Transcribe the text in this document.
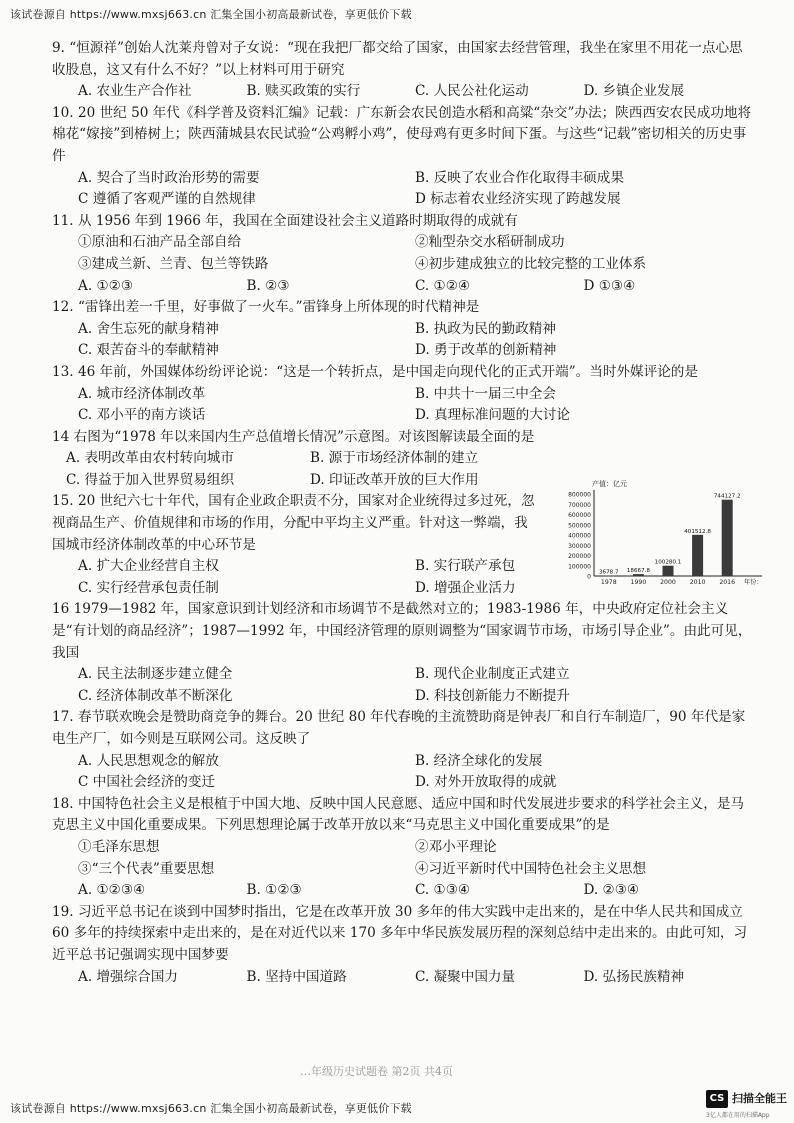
该试卷源自 https://www.mxsj663.cn 汇集全国小初高最新试卷，享更低价下载

9. “恒源祥”创始人沈莱舟曾对子女说：“现在我把厂都交给了国家，由国家去经营管理，我坐在家里不用花一点心思收股息，这又有什么不好？”以上材料可用于研究

A. 农业生产合作社	B. 赎买政策的实行	C. 人民公社化运动	D. 乡镇企业发展

10. 20 世纪 50 年代《科学普及资料汇编》记载：广东新会农民创造水稻和高粱“杂交”办法；陕西西安农民成功地将棉花“嫁接”到椿树上；陕西蒲城县农民试验“公鸡孵小鸡”，使母鸡有更多时间下蛋。与这些“记载”密切相关的历史事件

A. 契合了当时政治形势的需要	B. 反映了农业合作化取得丰硕成果
C 遵循了客观严谨的自然规律	D 标志着农业经济实现了跨越发展

11. 从 1956 年到 1966 年，我国在全面建设社会主义道路时期取得的成就有

①原油和石油产品全部自给	②籼型杂交水稻研制成功
③建成兰新、兰青、包兰等铁路	④初步建成独立的比较完整的工业体系
A. ①②③	B. ②③	C. ①②④	D ①③④

12. “雷锋出差一千里，好事做了一火车。”雷锋身上所体现的时代精神是

A. 舍生忘死的献身精神	B. 执政为民的勤政精神
C. 艰苦奋斗的奉献精神	D. 勇于改革的创新精神

13. 46 年前，外国媒体纷纷评论说：“这是一个转折点，是中国走向现代化的正式开端”。当时外媒评论的是

A. 城市经济体制改革	B. 中共十一届三中全会
C. 邓小平的南方谈话	D. 真理标准问题的大讨论

14 右图为“1978 年以来国内生产总值增长情况”示意图。对该图解读最全面的是

A. 表明改革由农村转向城市	B. 源于市场经济体制的建立
C. 得益于加入世界贸易组织	D. 印证改革开放的巨大作用

15. 20 世纪六七十年代，国有企业政企职责不分，国家对企业统得过多过死，忽视商品生产、价值规律和市场的作用，分配中平均主义严重。针对这一弊端，我国城市经济体制改革的中心环节是

A. 扩大企业经营自主权	B. 实行联产承包
C. 实行经营承包责任制	D. 增强企业活力

16 1979—1982 年，国家意识到计划经济和市场调节不是截然对立的；1983-1986 年，中央政府定位社会主义是“有计划的商品经济”；1987—1992 年，中国经济管理的原则调整为“国家调节市场，市场引导企业”。由此可见，我国

A. 民主法制逐步建立健全	B. 现代企业制度正式建立
C. 经济体制改革不断深化	D. 科技创新能力不断提升

17. 春节联欢晚会是赞助商竞争的舞台。20 世纪 80 年代春晚的主流赞助商是钟表厂和自行车制造厂，90 年代是家电生产厂，如今则是互联网公司。这反映了

A. 人民思想观念的解放	B. 经济全球化的发展
C 中国社会经济的变迁	D. 对外开放取得的成就

18. 中国特色社会主义是根植于中国大地、反映中国人民意愿、适应中国和时代发展进步要求的科学社会主义，是马克思主义中国化重要成果。下列思想理论属于改革开放以来“马克思主义中国化重要成果”的是

①毛泽东思想	②邓小平理论
③“三个代表”重要思想	④习近平新时代中国特色社会主义思想
A. ①②③④	B. ①②③	C. ①③④	D. ②③④

19. 习近平总书记在谈到中国梦时指出，它是在改革开放 30 多年的伟大实践中走出来的，是在中华人民共和国成立 60 多年的持续探索中走出来的，是在对近代以来 170 多年中华民族发展历程的深刻总结中走出来的。由此可知，习近平总书记强调实现中国梦要

A. 增强综合国力	B. 坚持中国道路	C. 凝聚中国力量	D. 弘扬民族精神
产值：亿元
800000
700000
600000
500000
400000
300000
200000
100000
0
3678.7
1978
18667.8
1990
100280.1
2000
401512.8
2010
744127.2
2016 年份：
…年级历史试题卷 第2页 共4页
CS 扫描全能王
3亿人都在用的扫描App
该试卷源自 https://www.mxsj663.cn 汇集全国小初高最新试卷，享更低价下载
